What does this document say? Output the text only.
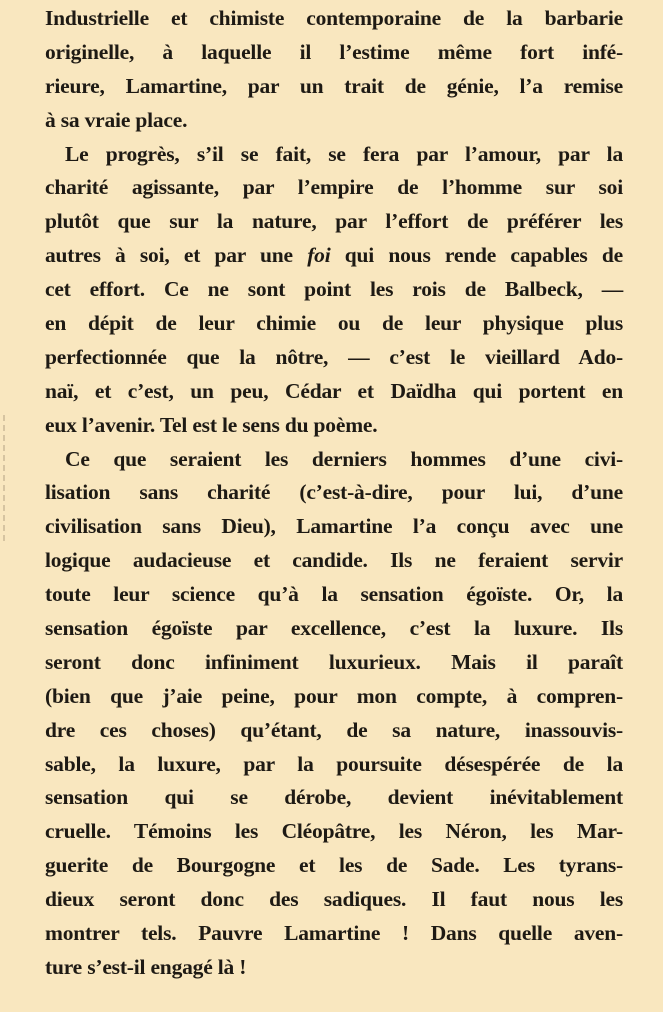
Industrielle et chimiste contemporaine de la barbarie
originelle, à laquelle il l’estime même fort infé-
rieure, Lamartine, par un trait de génie, l’a remise
à sa vraie place.
Le progrès, s’il se fait, se fera par l’amour, par la
charité agissante, par l’empire de l’homme sur soi
plutôt que sur la nature, par l’effort de préférer les
autres à soi, et par une foi qui nous rende capables de
cet effort. Ce ne sont point les rois de Balbeck, —
en dépit de leur chimie ou de leur physique plus
perfectionnée que la nôtre, — c’est le vieillard Ado-
naï, et c’est, un peu, Cédar et Daïdha qui portent en
eux l’avenir. Tel est le sens du poème.
Ce que seraient les derniers hommes d’une civi-
lisation sans charité (c’est-à-dire, pour lui, d’une
civilisation sans Dieu), Lamartine l’a conçu avec une
logique audacieuse et candide. Ils ne feraient servir
toute leur science qu’à la sensation égoïste. Or, la
sensation égoïste par excellence, c’est la luxure. Ils
seront donc infiniment luxurieux. Mais il paraît
(bien que j’aie peine, pour mon compte, à compren-
dre ces choses) qu’étant, de sa nature, inassouvis-
sable, la luxure, par la poursuite désespérée de la
sensation qui se dérobe, devient inévitablement
cruelle. Témoins les Cléopâtre, les Néron, les Mar-
guerite de Bourgogne et les de Sade. Les tyrans-
dieux seront donc des sadiques. Il faut nous les
montrer tels. Pauvre Lamartine ! Dans quelle aven-
ture s’est-il engagé là !
